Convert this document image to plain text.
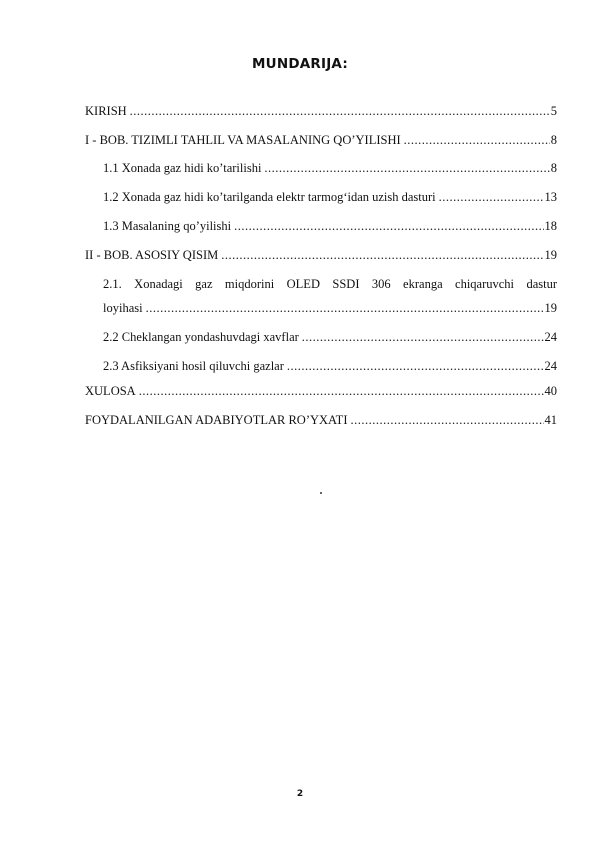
MUNDARIJA:
KIRISH .....	5
I - BOB. TIZIMLI TAHLIL VA MASALANING QO’YILISHI .....	8
1.1 Xonada gaz hidi ko’tarilishi .....	8
1.2 Xonada gaz hidi ko’tarilganda elektr tarmog‘idan uzish dasturi .....	13
1.3 Masalaning qo’yilishi .....	18
II - BOB. ASOSIY QISIM .....	19
2.1. Xonadagi gaz miqdorini OLED SSDI 306 ekranga chiqaruvchi dastur
loyihasi .....	19
2.2 Cheklangan yondashuvdagi xavflar .....	24
2.3 Asfiksiyani hosil qiluvchi gazlar .....	24
XULOSA .....	40
FOYDALANILGAN ADABIYOTLAR RO’YXATI .....	41
2
